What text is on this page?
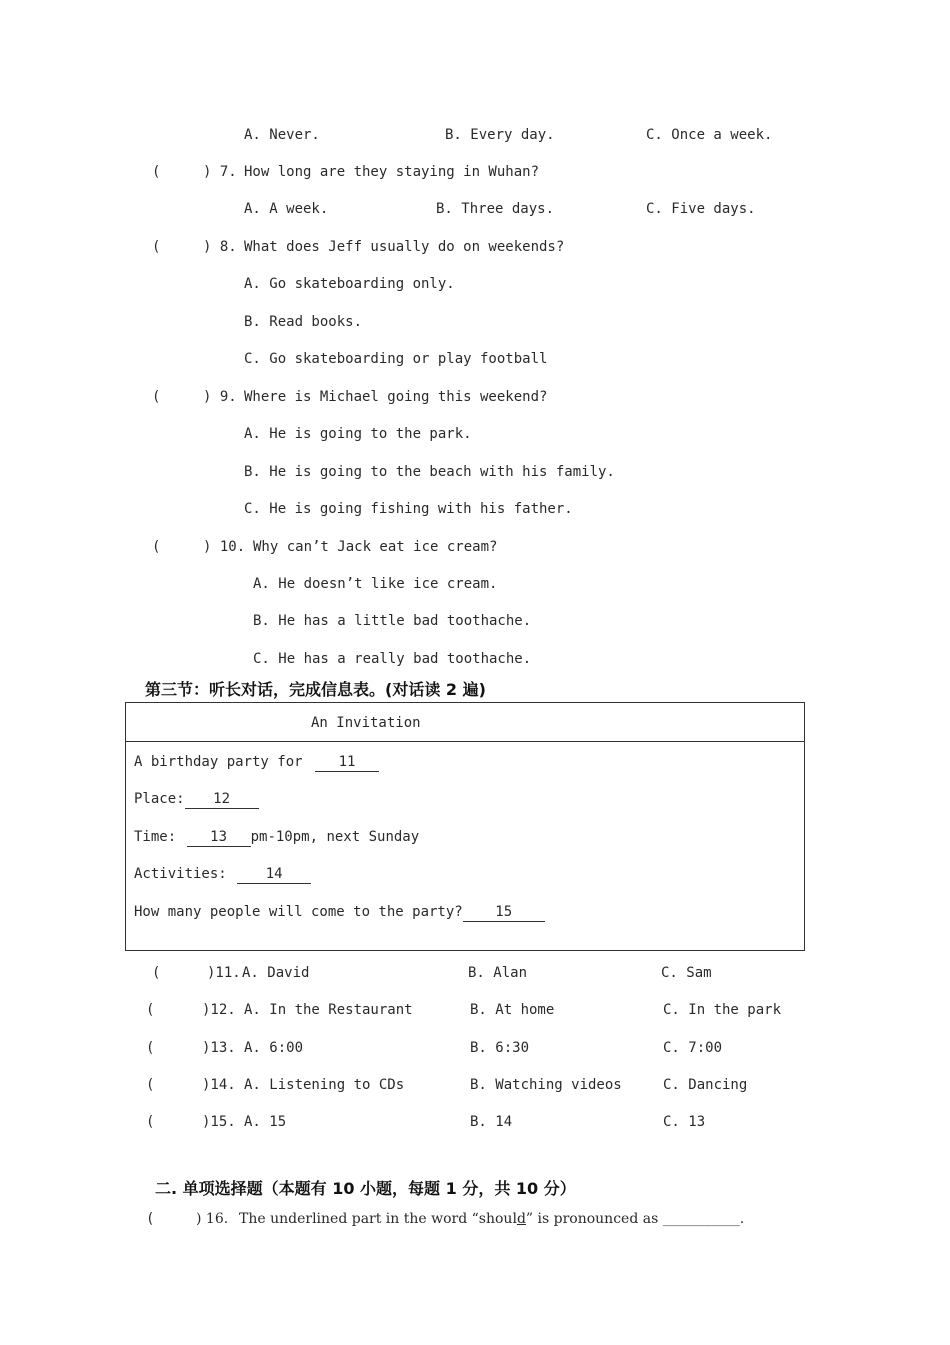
A. Never.	B. Every day.	C. Once a week.
(	) 7. How long are they staying in Wuhan?
A. A week.	B. Three days.	C. Five days.
(	) 8. What does Jeff usually do on weekends?
A. Go skateboarding only.
B. Read books.
C. Go skateboarding or play football
(	) 9. Where is Michael going this weekend?
A. He is going to the park.
B. He is going to the beach with his family.
C. He is going fishing with his father.
(	) 10. Why can’t Jack eat ice cream?
A. He doesn’t like ice cream.
B. He has a little bad toothache.
C. He has a really bad toothache.
第三节：听长对话，完成信息表。(对话读 2 遍)
An Invitation
A birthday party for	11
Place: 12
Time: 13 pm-10pm, next Sunday
Activities:	14
How many people will come to the party? 15
(	)11. A. David	B. Alan	C. Sam
(	)12. A. In the Restaurant	B. At home	C. In the park
(	)13. A. 6:00	B. 6:30	C. 7:00
(	)14. A. Listening to CDs	B. Watching videos	C. Dancing
(	)15. A. 15	B. 14	C. 13
二. 单项选择题（本题有 10 小题，每题 1 分，共 10 分）
(	) 16. The underlined part in the word “should” is pronounced as ___________.
